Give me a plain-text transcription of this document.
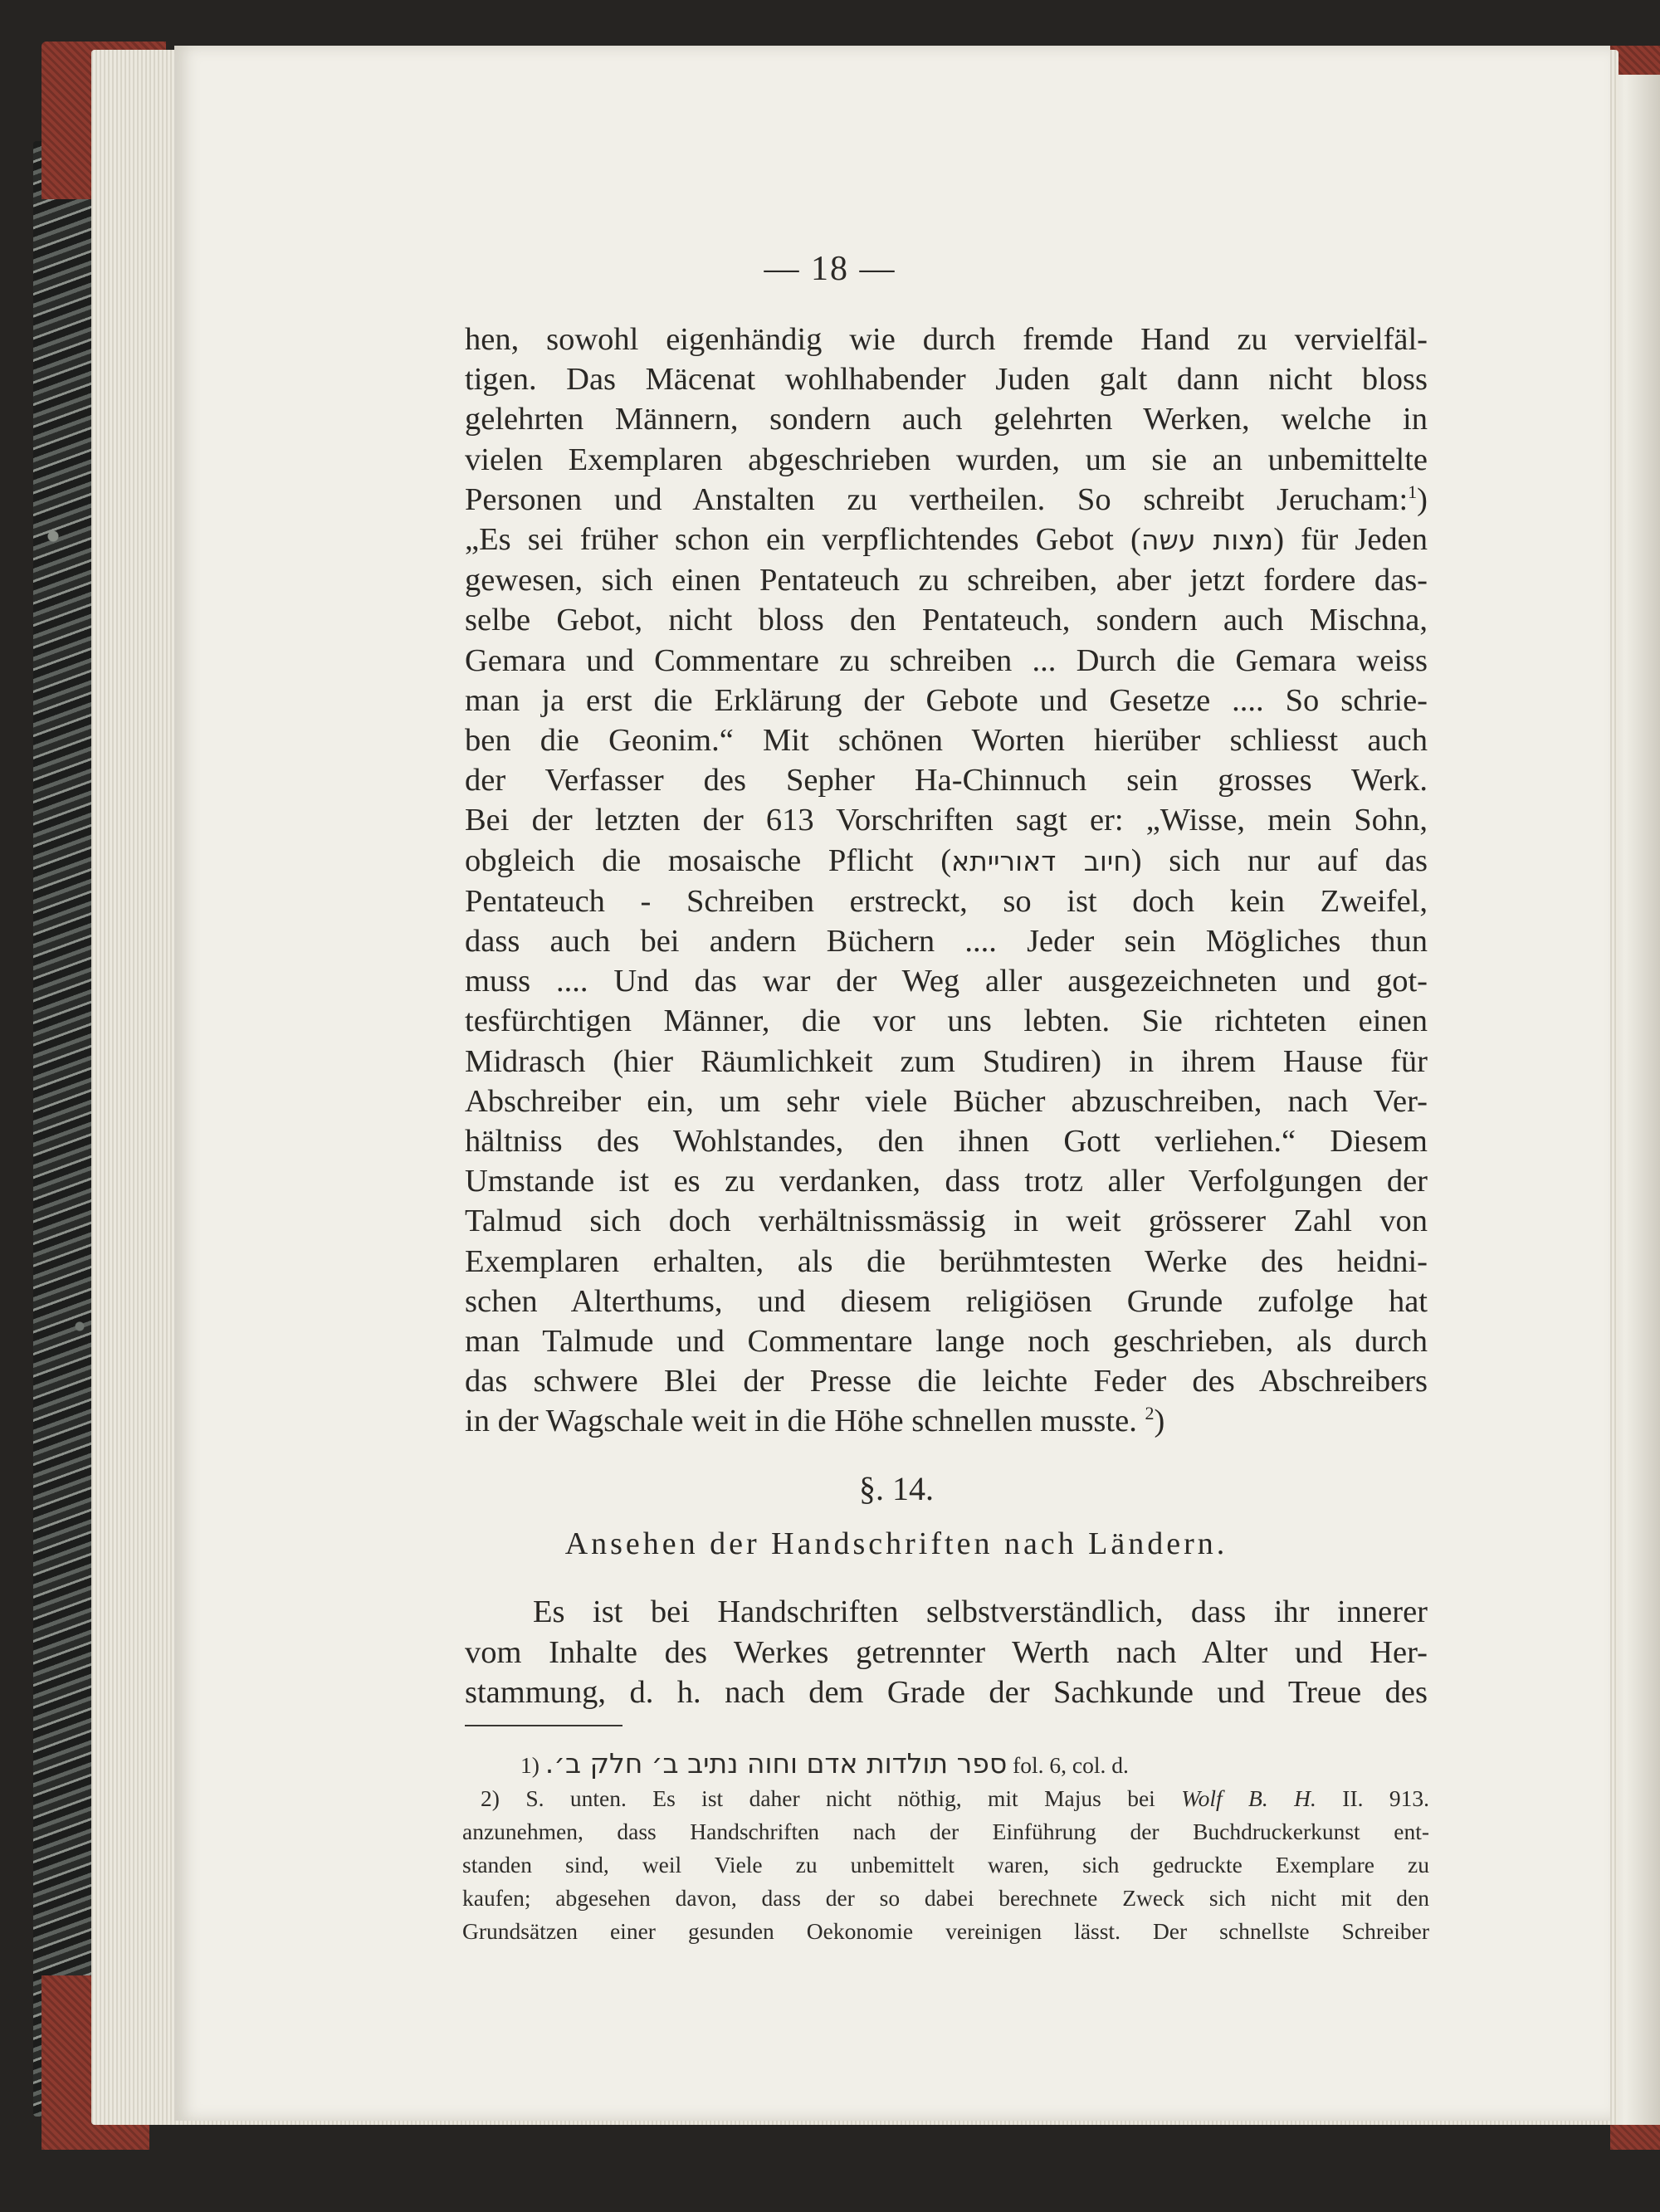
— 18 —
hen, sowohl eigenhändig wie durch fremde Hand zu vervielfäl-
tigen. Das Mäcenat wohlhabender Juden galt dann nicht bloss
gelehrten Männern, sondern auch gelehrten Werken, welche in
vielen Exemplaren abgeschrieben wurden, um sie an unbemittelte
Personen und Anstalten zu vertheilen. So schreibt Jerucham:$^1$)
„Es sei früher schon ein verpflichtendes Gebot (מצות עשה) für Jeden
gewesen, sich einen Pentateuch zu schreiben, aber jetzt fordere das-
selbe Gebot, nicht bloss den Pentateuch, sondern auch Mischna,
Gemara und Commentare zu schreiben ... Durch die Gemara weiss
man ja erst die Erklärung der Gebote und Gesetze .... So schrie-
ben die Geonim.“ Mit schönen Worten hierüber schliesst auch
der Verfasser des Sepher Ha-Chinnuch sein grosses Werk.
Bei der letzten der 613 Vorschriften sagt er: „Wisse, mein Sohn,
obgleich die mosaische Pflicht (חיוב דאורייתא) sich nur auf das
Pentateuch - Schreiben erstreckt, so ist doch kein Zweifel,
dass auch bei andern Büchern .... Jeder sein Mögliches thun
muss .... Und das war der Weg aller ausgezeichneten und got-
tesfürchtigen Männer, die vor uns lebten. Sie richteten einen
Midrasch (hier Räumlichkeit zum Studiren) in ihrem Hause für
Abschreiber ein, um sehr viele Bücher abzuschreiben, nach Ver-
hältniss des Wohlstandes, den ihnen Gott verliehen.“ Diesem
Umstande ist es zu verdanken, dass trotz aller Verfolgungen der
Talmud sich doch verhältnissmässig in weit grösserer Zahl von
Exemplaren erhalten, als die berühmtesten Werke des heidni-
schen Alterthums, und diesem religiösen Grunde zufolge hat
man Talmude und Commentare lange noch geschrieben, als durch
das schwere Blei der Presse die leichte Feder des Abschreibers
in der Wagschale weit in die Höhe schnellen musste. $^2$)
§. 14.
Ansehen der Handschriften nach Ländern.
Es ist bei Handschriften selbstverständlich, dass ihr innerer
vom Inhalte des Werkes getrennter Werth nach Alter und Her-
stammung, d. h. nach dem Grade der Sachkunde und Treue des
1) ספר תולדות אדם וחוה נתיב ב׳ חלק ב׳. fol. 6, col. d.
2) S. unten. Es ist daher nicht nöthig, mit Majus bei Wolf B. H. II. 913.
anzunehmen, dass Handschriften nach der Einführung der Buchdruckerkunst ent-
standen sind, weil Viele zu unbemittelt waren, sich gedruckte Exemplare zu
kaufen; abgesehen davon, dass der so dabei berechnete Zweck sich nicht mit den
Grundsätzen einer gesunden Oekonomie vereinigen lässt. Der schnellste Schreiber
